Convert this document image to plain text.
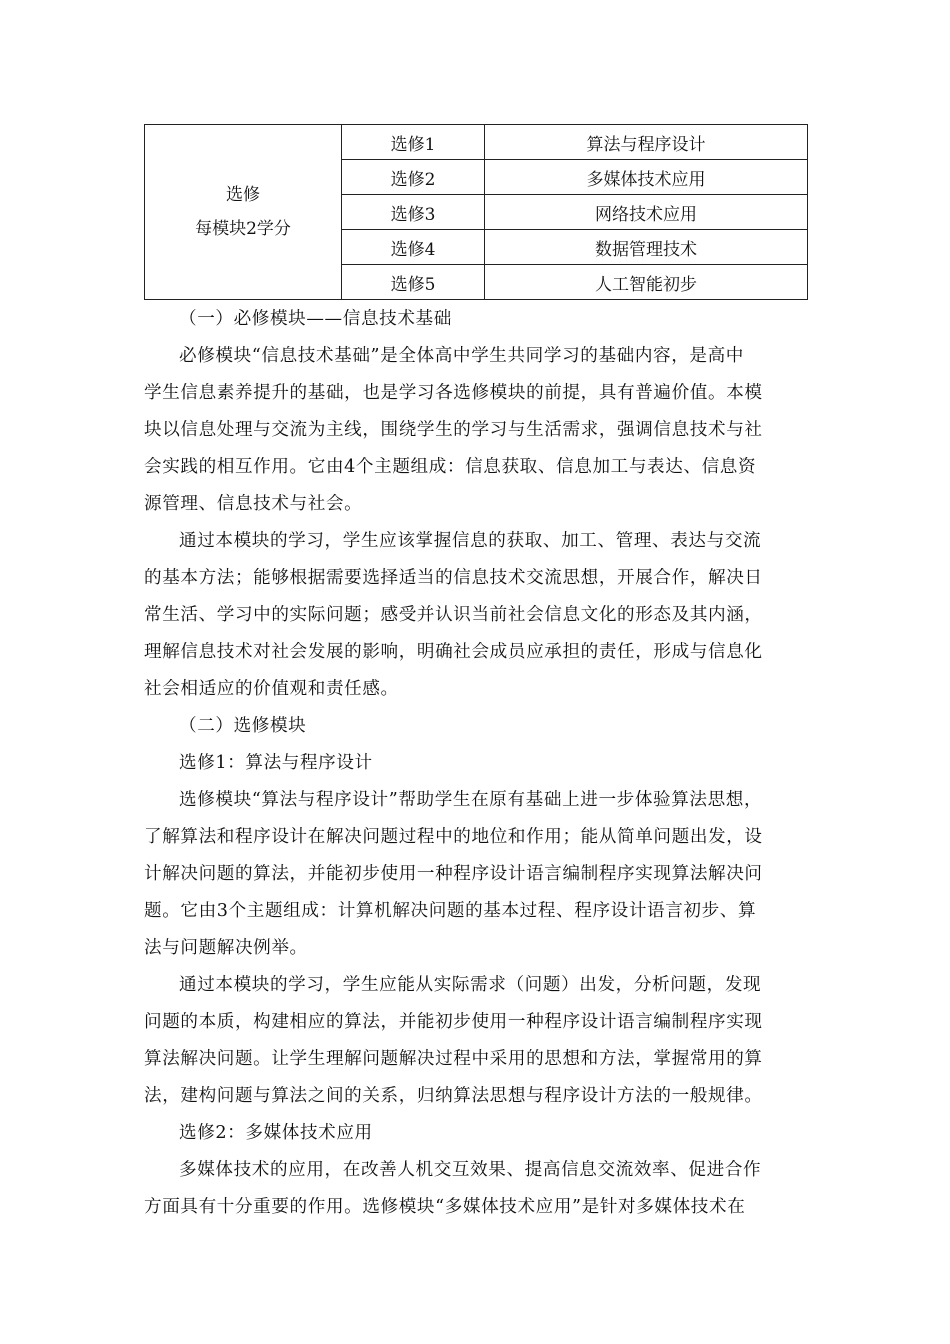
选修
每模块2学分	选修1	算法与程序设计
	选修2	多媒体技术应用
	选修3	网络技术应用
	选修4	数据管理技术
	选修5	人工智能初步
（一）必修模块——信息技术基础
必修模块“信息技术基础”是全体高中学生共同学习的基础内容，是高中
学生信息素养提升的基础，也是学习各选修模块的前提，具有普遍价值。本模
块以信息处理与交流为主线，围绕学生的学习与生活需求，强调信息技术与社
会实践的相互作用。它由4个主题组成：信息获取、信息加工与表达、信息资
源管理、信息技术与社会。
通过本模块的学习，学生应该掌握信息的获取、加工、管理、表达与交流
的基本方法；能够根据需要选择适当的信息技术交流思想，开展合作，解决日
常生活、学习中的实际问题；感受并认识当前社会信息文化的形态及其内涵，
理解信息技术对社会发展的影响，明确社会成员应承担的责任，形成与信息化
社会相适应的价值观和责任感。
（二）选修模块
选修1：算法与程序设计
选修模块“算法与程序设计”帮助学生在原有基础上进一步体验算法思想，
了解算法和程序设计在解决问题过程中的地位和作用；能从简单问题出发，设
计解决问题的算法，并能初步使用一种程序设计语言编制程序实现算法解决问
题。它由3个主题组成：计算机解决问题的基本过程、程序设计语言初步、算
法与问题解决例举。
通过本模块的学习，学生应能从实际需求（问题）出发，分析问题，发现
问题的本质，构建相应的算法，并能初步使用一种程序设计语言编制程序实现
算法解决问题。让学生理解问题解决过程中采用的思想和方法，掌握常用的算
法，建构问题与算法之间的关系，归纳算法思想与程序设计方法的一般规律。
选修2：多媒体技术应用
多媒体技术的应用，在改善人机交互效果、提高信息交流效率、促进合作
方面具有十分重要的作用。选修模块“多媒体技术应用”是针对多媒体技术在
